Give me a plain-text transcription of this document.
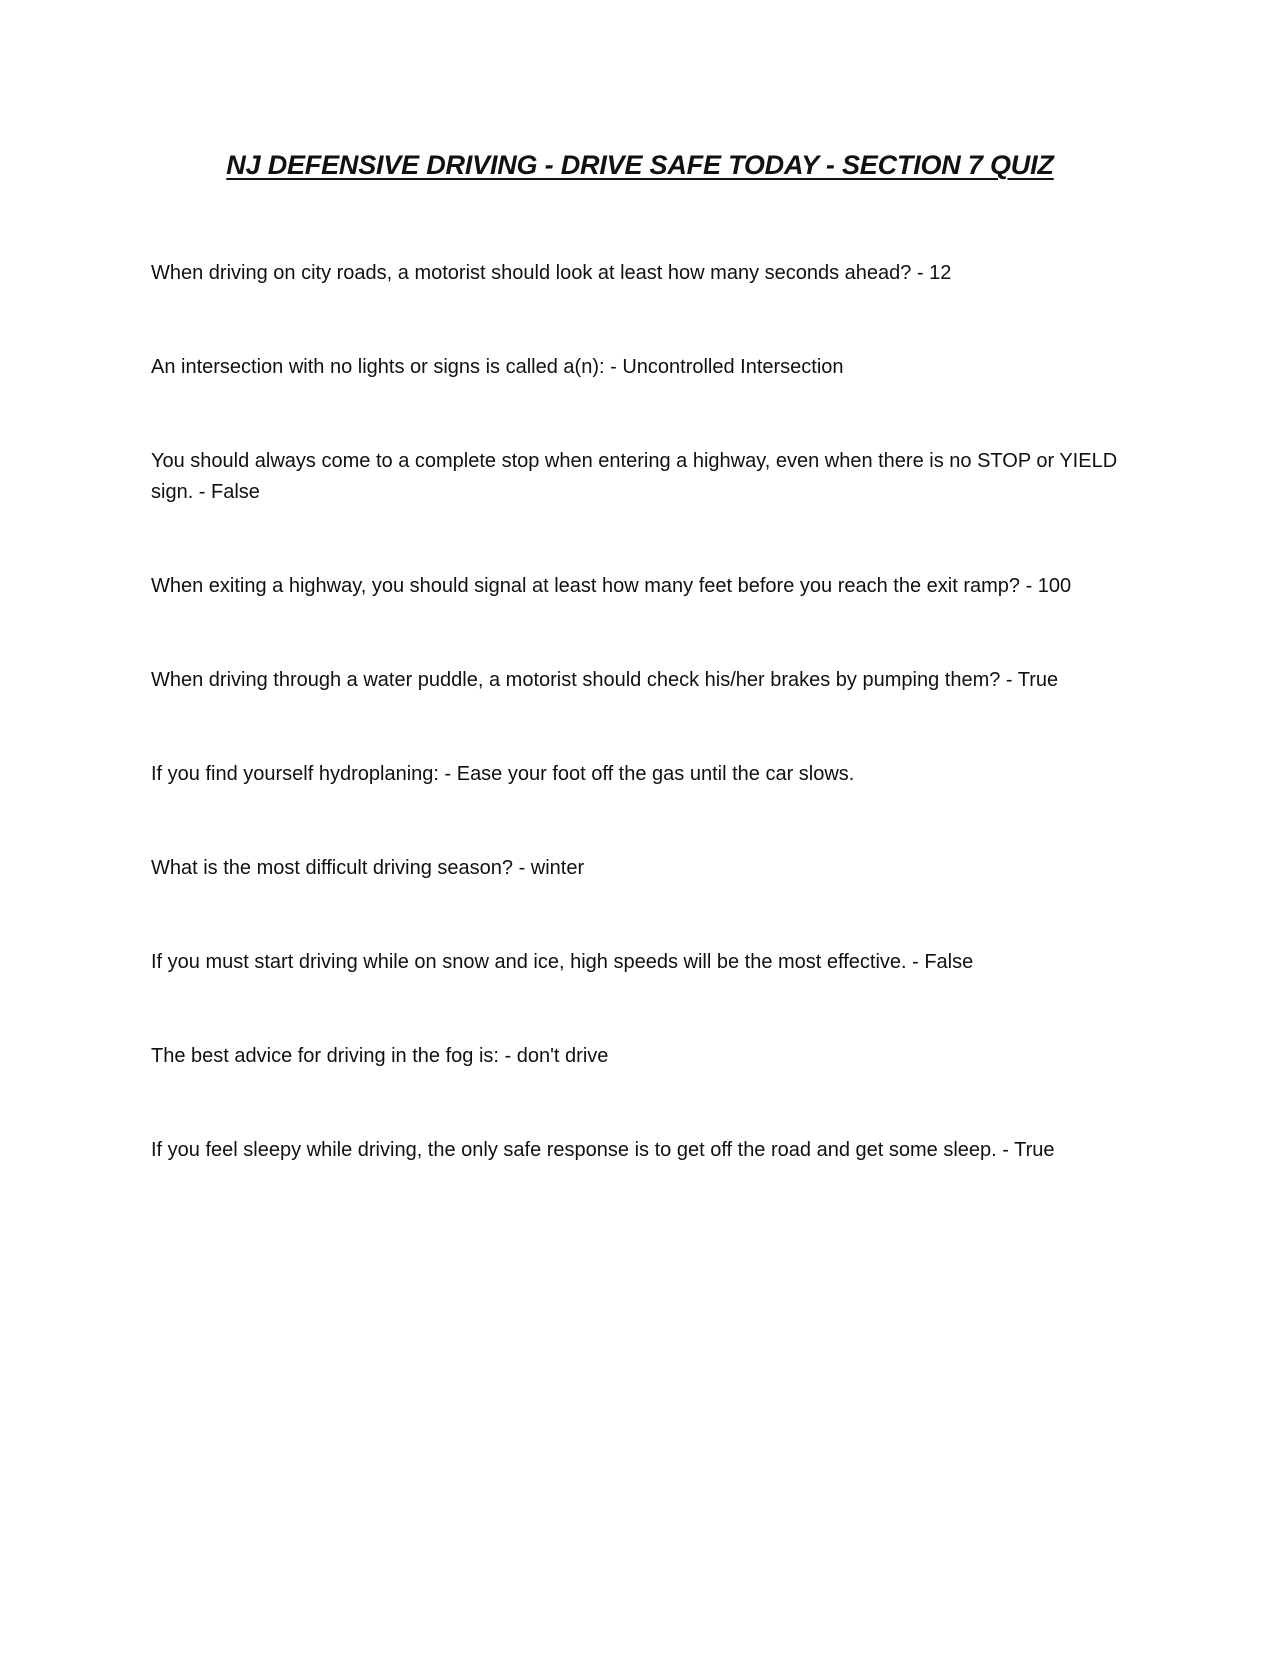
NJ DEFENSIVE DRIVING - DRIVE SAFE TODAY - SECTION 7 QUIZ
When driving on city roads, a motorist should look at least how many seconds ahead? - 12
An intersection with no lights or signs is called a(n): - Uncontrolled Intersection
You should always come to a complete stop when entering a highway, even when there is no STOP or YIELD sign. - False
When exiting a highway, you should signal at least how many feet before you reach the exit ramp? - 100
When driving through a water puddle, a motorist should check his/her brakes by pumping them? - True
If you find yourself hydroplaning: - Ease your foot off the gas until the car slows.
What is the most difficult driving season? - winter
If you must start driving while on snow and ice, high speeds will be the most effective. - False
The best advice for driving in the fog is: - don't drive
If you feel sleepy while driving, the only safe response is to get off the road and get some sleep. - True
